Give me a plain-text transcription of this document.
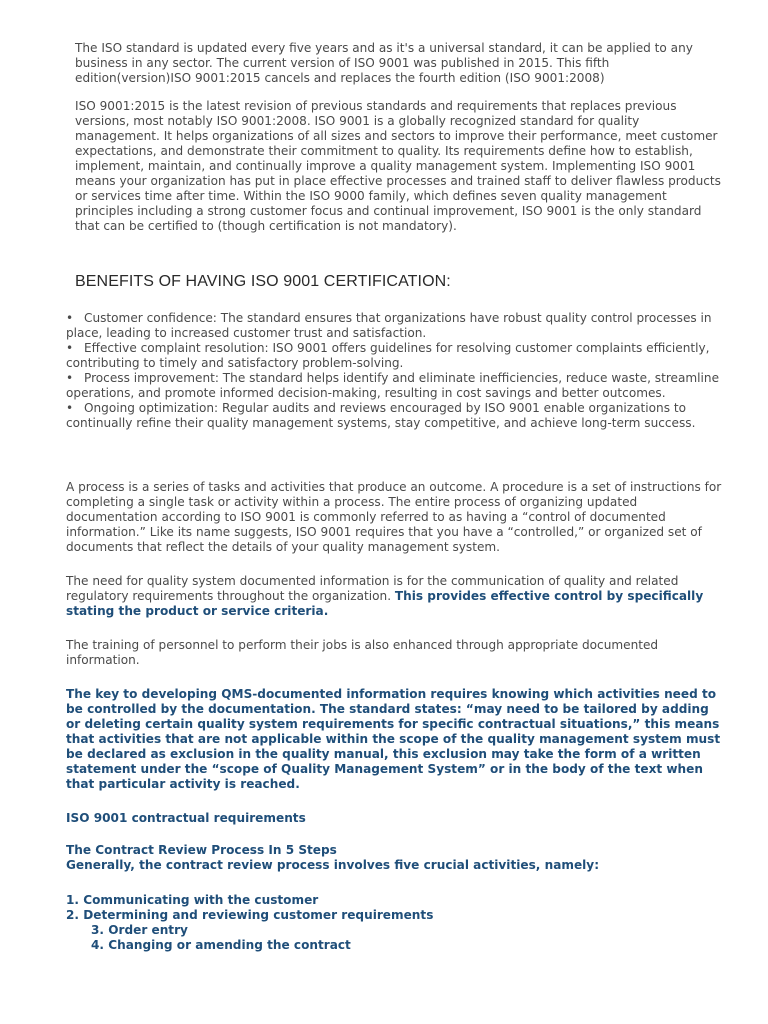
The ISO standard is updated every five years and as it's a universal standard, it can be applied to any business in any sector. The current version of ISO 9001 was published in 2015. This fifth edition(version)ISO 9001:2015 cancels and replaces the fourth edition (ISO 9001:2008)

ISO 9001:2015 is the latest revision of previous standards and requirements that replaces previous versions, most notably ISO 9001:2008. ISO 9001 is a globally recognized standard for quality management. It helps organizations of all sizes and sectors to improve their performance, meet customer expectations, and demonstrate their commitment to quality. Its requirements define how to establish, implement, maintain, and continually improve a quality management system. Implementing ISO 9001 means your organization has put in place effective processes and trained staff to deliver flawless products or services time after time. Within the ISO 9000 family, which defines seven quality management principles including a strong customer focus and continual improvement, ISO 9001 is the only standard that can be certified to (though certification is not mandatory).

BENEFITS OF HAVING ISO 9001 CERTIFICATION:

• Customer confidence: The standard ensures that organizations have robust quality control processes in place, leading to increased customer trust and satisfaction.
• Effective complaint resolution: ISO 9001 offers guidelines for resolving customer complaints efficiently, contributing to timely and satisfactory problem-solving.
• Process improvement: The standard helps identify and eliminate inefficiencies, reduce waste, streamline operations, and promote informed decision-making, resulting in cost savings and better outcomes.
• Ongoing optimization: Regular audits and reviews encouraged by ISO 9001 enable organizations to continually refine their quality management systems, stay competitive, and achieve long-term success.

A process is a series of tasks and activities that produce an outcome. A procedure is a set of instructions for completing a single task or activity within a process. The entire process of organizing updated documentation according to ISO 9001 is commonly referred to as having a “control of documented information.” Like its name suggests, ISO 9001 requires that you have a “controlled,” or organized set of documents that reflect the details of your quality management system.

The need for quality system documented information is for the communication of quality and related regulatory requirements throughout the organization. This provides effective control by specifically stating the product or service criteria.

The training of personnel to perform their jobs is also enhanced through appropriate documented information.

The key to developing QMS-documented information requires knowing which activities need to be controlled by the documentation. The standard states: “may need to be tailored by adding or deleting certain quality system requirements for specific contractual situations,” this means that activities that are not applicable within the scope of the quality management system must be declared as exclusion in the quality manual, this exclusion may take the form of a written statement under the “scope of Quality Management System” or in the body of the text when that particular activity is reached.

ISO 9001 contractual requirements

The Contract Review Process In 5 Steps

Generally, the contract review process involves five crucial activities, namely:

1. Communicating with the customer
2. Determining and reviewing customer requirements
3. Order entry
4. Changing or amending the contract
